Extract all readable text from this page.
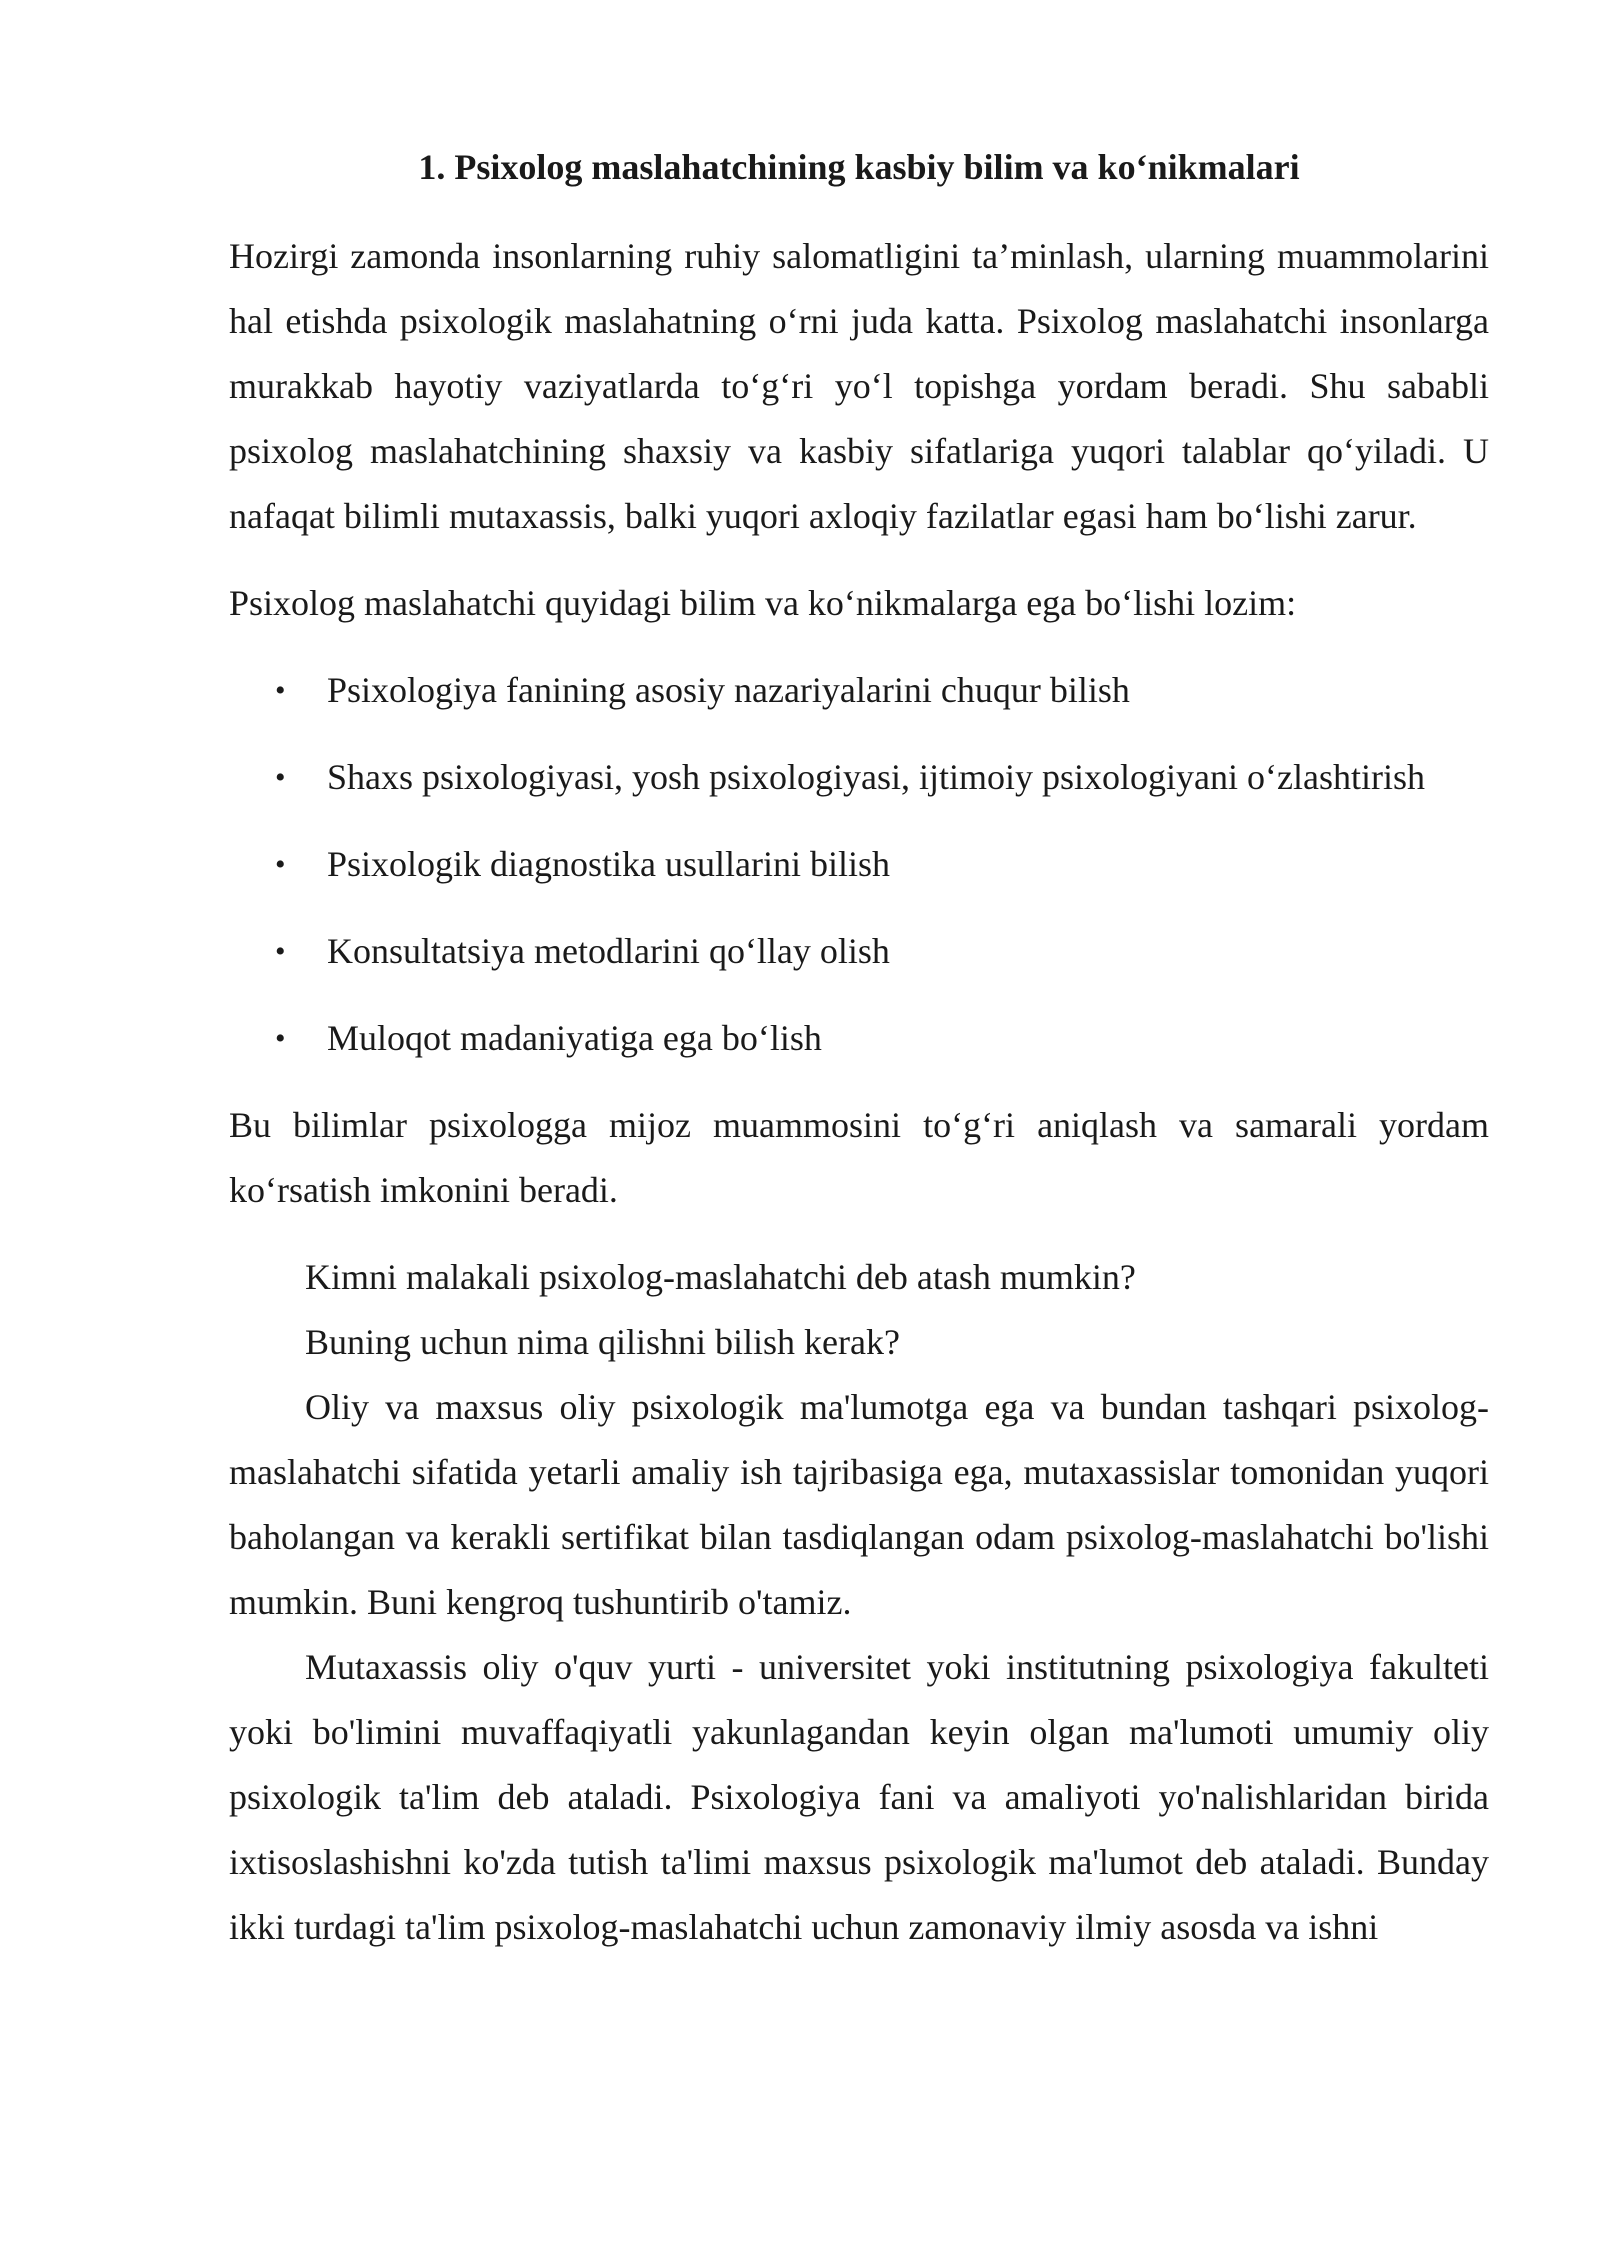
1. Psixolog maslahatchining kasbiy bilim va ko‘nikmalari

Hozirgi zamonda insonlarning ruhiy salomatligini ta’minlash, ularning muammolarini hal etishda psixologik maslahatning o‘rni juda katta. Psixolog maslahatchi insonlarga murakkab hayotiy vaziyatlarda to‘g‘ri yo‘l topishga yordam beradi. Shu sababli psixolog maslahatchining shaxsiy va kasbiy sifatlariga yuqori talablar qo‘yiladi. U nafaqat bilimli mutaxassis, balki yuqori axloqiy fazilatlar egasi ham bo‘lishi zarur.

Psixolog maslahatchi quyidagi bilim va ko‘nikmalarga ega bo‘lishi lozim:

• Psixologiya fanining asosiy nazariyalarini chuqur bilish
• Shaxs psixologiyasi, yosh psixologiyasi, ijtimoiy psixologiyani o‘zlashtirish
• Psixologik diagnostika usullarini bilish
• Konsultatsiya metodlarini qo‘llay olish
• Muloqot madaniyatiga ega bo‘lish

Bu bilimlar psixologga mijoz muammosini to‘g‘ri aniqlash va samarali yordam ko‘rsatish imkonini beradi.

Kimni malakali psixolog-maslahatchi deb atash mumkin?

Buning uchun nima qilishni bilish kerak?

Oliy va maxsus oliy psixologik ma'lumotga ega va bundan tashqari psixolog-maslahatchi sifatida yetarli amaliy ish tajribasiga ega, mutaxassislar tomonidan yuqori baholangan va kerakli sertifikat bilan tasdiqlangan odam psixolog-maslahatchi bo'lishi mumkin. Buni kengroq tushuntirib o'tamiz.

Mutaxassis oliy o'quv yurti - universitet yoki institutning psixologiya fakulteti yoki bo'limini muvaffaqiyatli yakunlagandan keyin olgan ma'lumoti umumiy oliy psixologik ta'lim deb ataladi. Psixologiya fani va amaliyoti yo'nalishlaridan birida ixtisoslashishni ko'zda tutish ta'limi maxsus psixologik ma'lumot deb ataladi. Bunday ikki turdagi ta'lim psixolog-maslahatchi uchun zamonaviy ilmiy asosda va ishni
